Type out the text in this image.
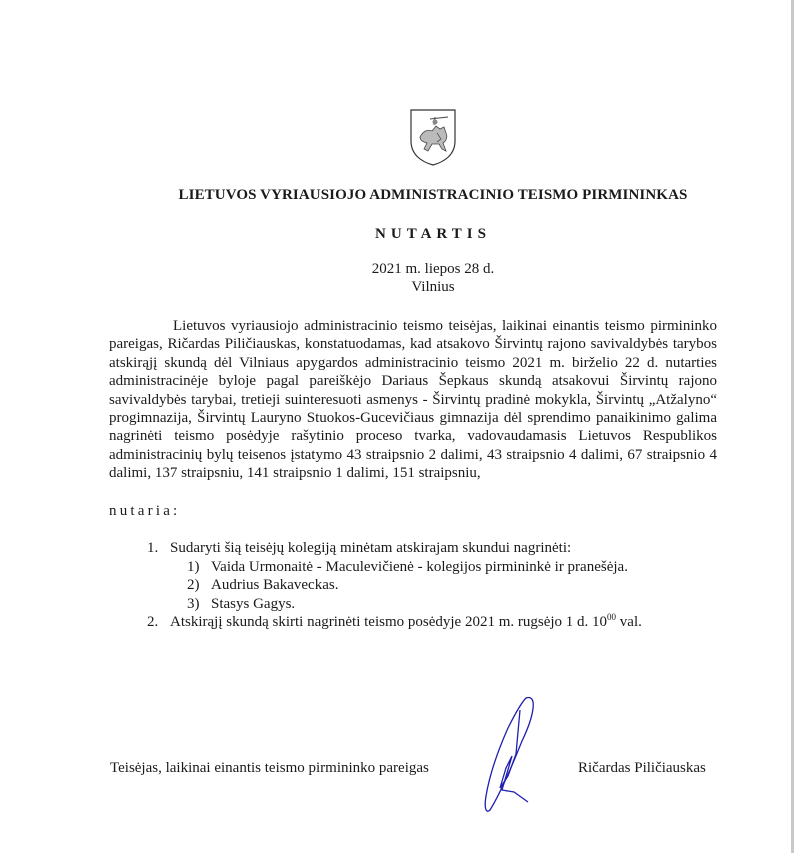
LIETUVOS VYRIAUSIOJO ADMINISTRACINIO TEISMO PIRMININKAS
NUTARTIS
2021 m. liepos 28 d.
Vilnius
Lietuvos vyriausiojo administracinio teismo teisėjas, laikinai einantis teismo pirmininko pareigas, Ričardas Piličiauskas, konstatuodamas, kad atsakovo Širvintų rajono savivaldybės tarybos atskirąjį skundą dėl Vilniaus apygardos administracinio teismo 2021 m. birželio 22 d. nutarties administracinėje byloje pagal pareiškėjo Dariaus Šepkaus skundą atsakovui Širvintų rajono savivaldybės tarybai, tretieji suinteresuoti asmenys - Širvintų pradinė mokykla, Širvintų „Atžalyno“ progimnazija, Širvintų Lauryno Stuokos-Gucevičiaus gimnazija dėl sprendimo panaikinimo galima nagrinėti teismo posėdyje rašytinio proceso tvarka, vadovaudamasis Lietuvos Respublikos administracinių bylų teisenos įstatymo 43 straipsnio 2 dalimi, 43 straipsnio 4 dalimi, 67 straipsnio 4 dalimi, 137 straipsniu, 141 straipsnio 1 dalimi, 151 straipsniu,
nutaria:
1. Sudaryti šią teisėjų kolegiją minėtam atskirajam skundui nagrinėti:
1) Vaida Urmonaitė - Maculevičienė - kolegijos pirmininkė ir pranešėja.
2) Audrius Bakaveckas.
3) Stasys Gagys.
2. Atskirąjį skundą skirti nagrinėti teismo posėdyje 2021 m. rugsėjo 1 d. $10^{00}$ val.
Teisėjas, laikinai einantis teismo pirmininko pareigas	Ričardas Piličiauskas
